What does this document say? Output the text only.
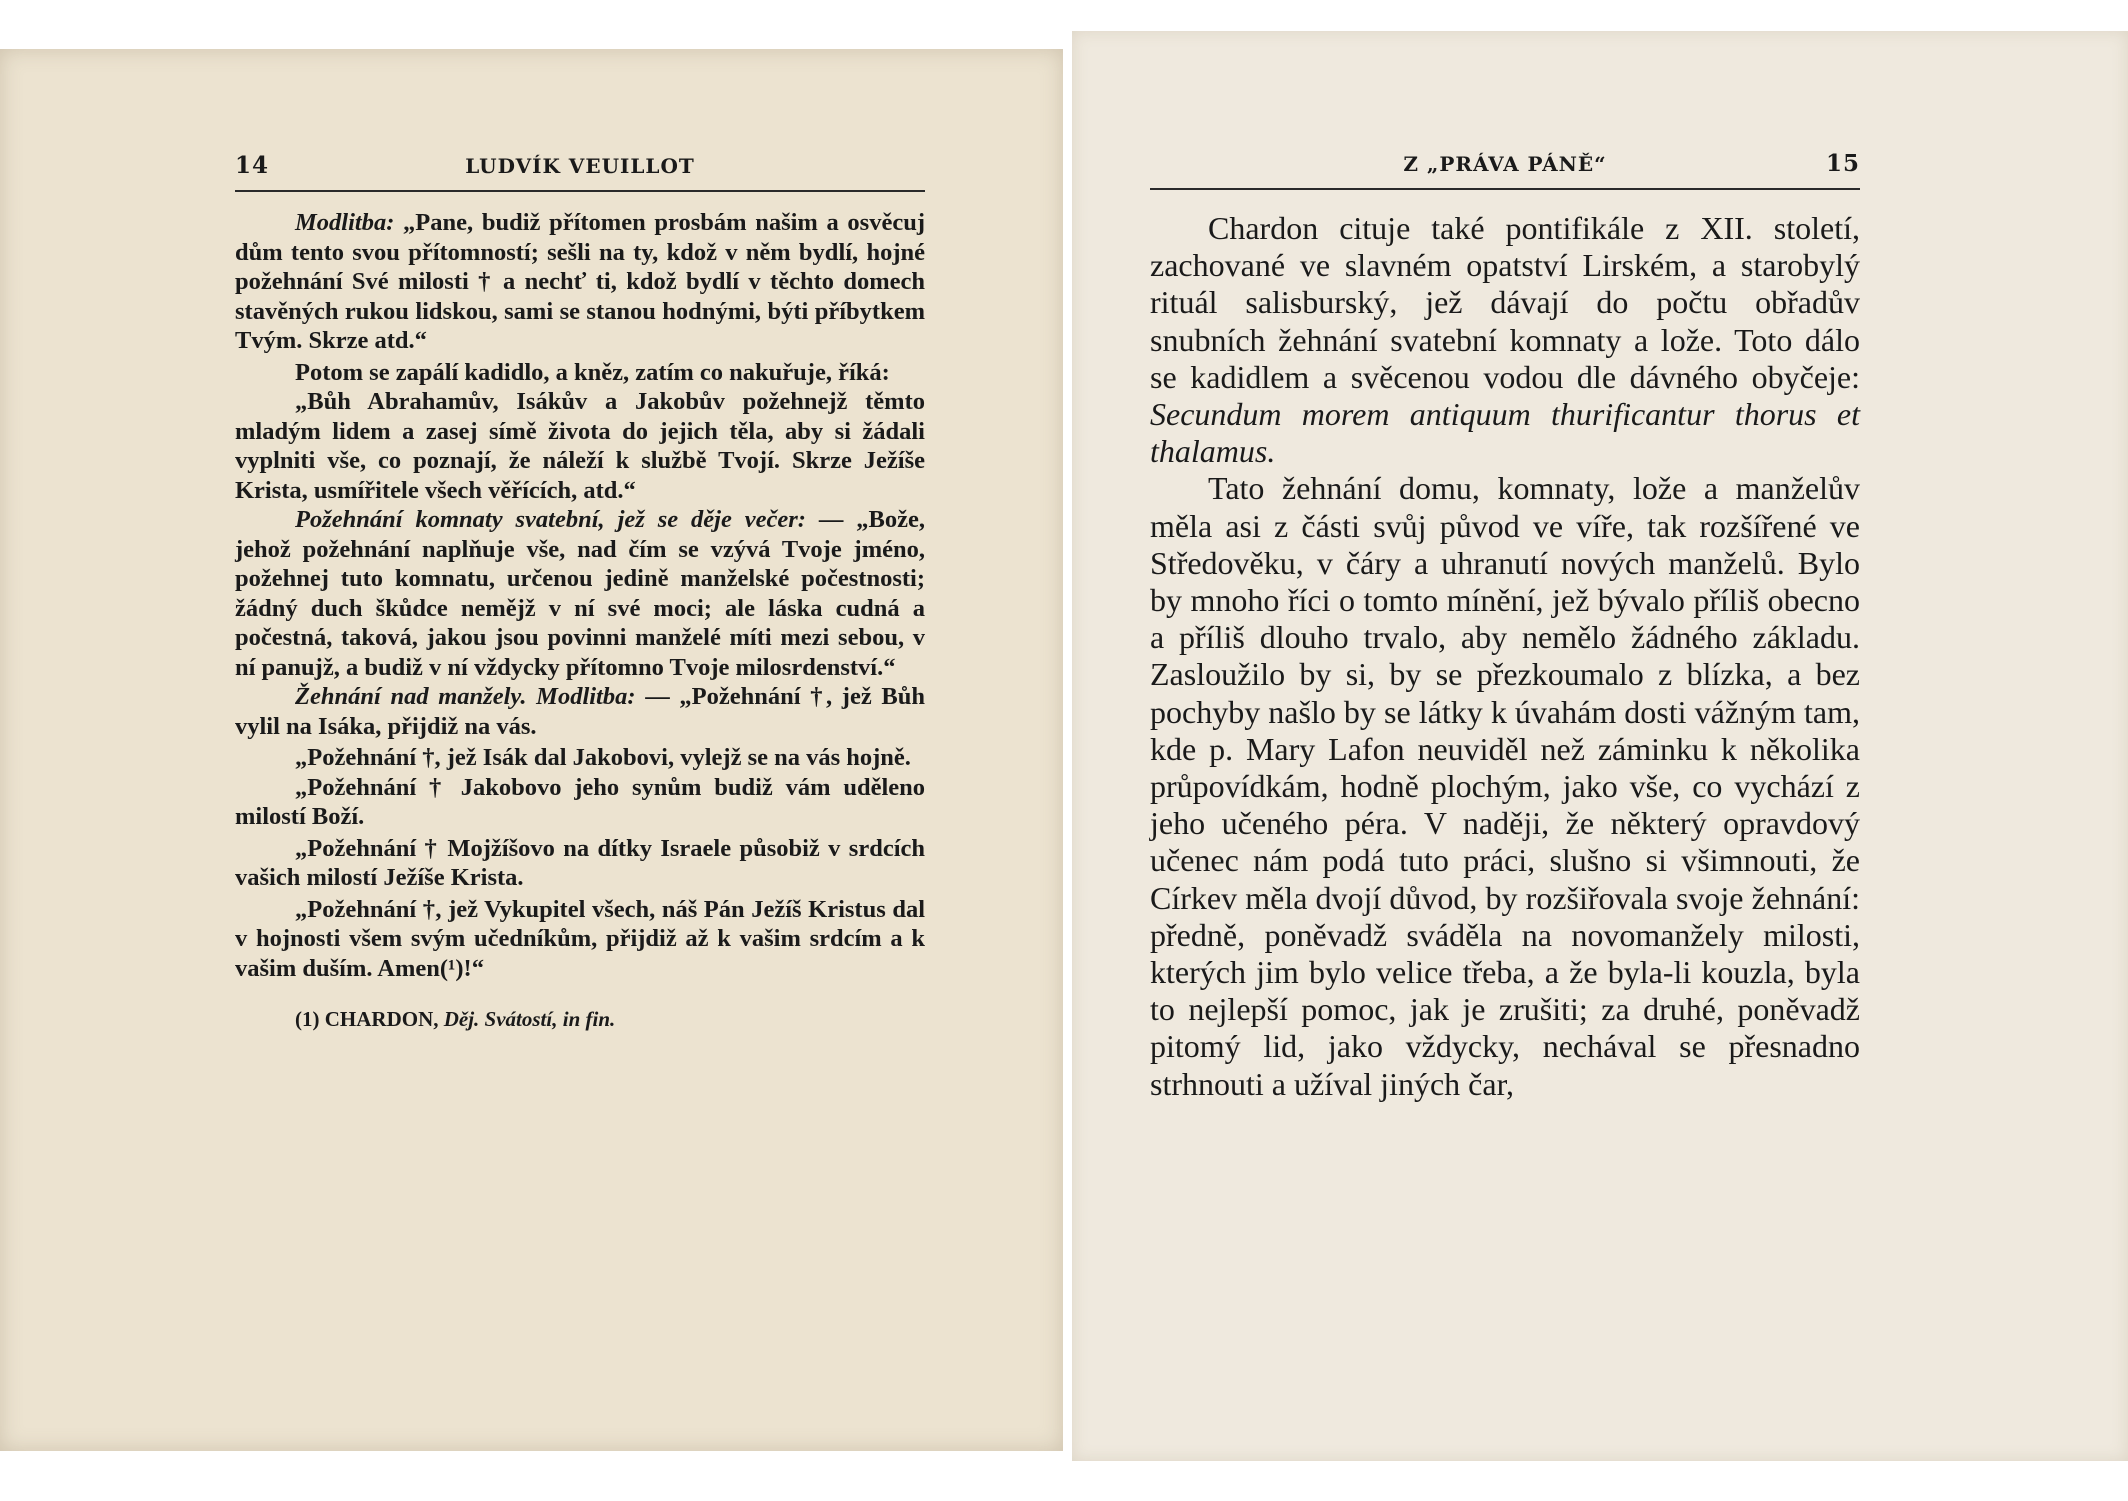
14	LUDVÍK VEUILLOT

Modlitba: „Pane, budiž přítomen prosbám našim a osvěcuj dům tento svou přítomností; sešli na ty, kdož v něm bydlí, hojné požehnání Své milosti † a nechť ti, kdož bydlí v těchto domech stavěných rukou lidskou, sami se stanou hodnými, býti příbytkem Tvým. Skrze atd.“

Potom se zapálí kadidlo, a kněz, zatím co nakuřuje, říká:

„Bůh Abrahamův, Isákův a Jakobův požehnejž těmto mladým lidem a zasej símě života do jejich těla, aby si žádali vyplniti vše, co poznají, že náleží k službě Tvojí. Skrze Ježíše Krista, usmířitele všech věřících, atd.“

Požehnání komnaty svatební, jež se děje večer: — „Bože, jehož požehnání naplňuje vše, nad čím se vzývá Tvoje jméno, požehnej tuto komnatu, určenou jedině manželské počestnosti; žádný duch škůdce nemějž v ní své moci; ale láska cudná a počestná, taková, jakou jsou povinni manželé míti mezi sebou, v ní panujž, a budiž v ní vždycky přítomno Tvoje milosrdenství.“

Žehnání nad manžely. Modlitba: — „Požehnání †, jež Bůh vylil na Isáka, přijdiž na vás.

„Požehnání †, jež Isák dal Jakobovi, vylejž se na vás hojně.

„Požehnání † Jakobovo jeho synům budiž vám uděleno milostí Boží.

„Požehnání † Mojžíšovo na dítky Israele působiž v srdcích vašich milostí Ježíše Krista.

„Požehnání †, jež Vykupitel všech, náš Pán Ježíš Kristus dal v hojnosti všem svým učedníkům, přijdiž až k vašim srdcím a k vašim duším. Amen(¹)!“

(1) CHARDON, Děj. Svátostí, in fin.

Z „PRÁVA PÁNĚ“	15

Chardon cituje také pontifikále z XII. století, zachované ve slavném opatství Lirském, a starobylý rituál salisburský, jež dávají do počtu obřadův snubních žehnání svatební komnaty a lože. Toto dálo se kadidlem a svěcenou vodou dle dávného obyčeje: Secundum morem antiquum thurificantur thorus et thalamus.

Tato žehnání domu, komnaty, lože a manželův měla asi z části svůj původ ve víře, tak rozšířené ve Středověku, v čáry a uhranutí nových manželů. Bylo by mnoho říci o tomto mínění, jež bývalo příliš obecno a příliš dlouho trvalo, aby nemělo žádného základu. Zasloužilo by si, by se přezkoumalo z blízka, a bez pochyby našlo by se látky k úvahám dosti vážným tam, kde p. Mary Lafon neuviděl než záminku k několika průpovídkám, hodně plochým, jako vše, co vychází z jeho učeného péra. V naději, že některý opravdový učenec nám podá tuto práci, slušno si všimnouti, že Církev měla dvojí důvod, by rozšiřovala svoje žehnání: předně, poněvadž sváděla na novomanžely milosti, kterých jim bylo velice třeba, a že byla-li kouzla, byla to nejlepší pomoc, jak je zrušiti; za druhé, poněvadž pitomý lid, jako vždycky, nechával se přesnadno strhnouti a užíval jiných čar,
